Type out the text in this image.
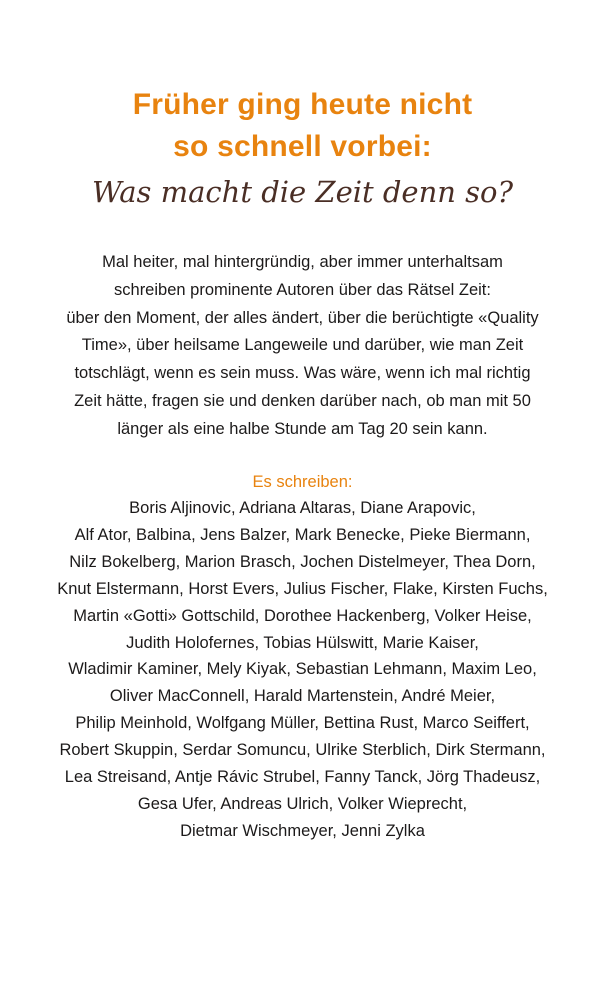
Früher ging heute nicht
so schnell vorbei:
Was macht die Zeit denn so?
Mal heiter, mal hintergründig, aber immer unterhaltsam
schreiben prominente Autoren über das Rätsel Zeit:
über den Moment, der alles ändert, über die berüchtigte «Quality
Time», über heilsame Langeweile und darüber, wie man Zeit
totschlägt, wenn es sein muss. Was wäre, wenn ich mal richtig
Zeit hätte, fragen sie und denken darüber nach, ob man mit 50
länger als eine halbe Stunde am Tag 20 sein kann.
Es schreiben:
Boris Aljinovic, Adriana Altaras, Diane Arapovic,
Alf Ator, Balbina, Jens Balzer, Mark Benecke, Pieke Biermann,
Nilz Bokelberg, Marion Brasch, Jochen Distelmeyer, Thea Dorn,
Knut Elstermann, Horst Evers, Julius Fischer, Flake, Kirsten Fuchs,
Martin «Gotti» Gottschild, Dorothee Hackenberg, Volker Heise,
Judith Holofernes, Tobias Hülswitt, Marie Kaiser,
Wladimir Kaminer, Mely Kiyak, Sebastian Lehmann, Maxim Leo,
Oliver MacConnell, Harald Martenstein, André Meier,
Philip Meinhold, Wolfgang Müller, Bettina Rust, Marco Seiffert,
Robert Skuppin, Serdar Somuncu, Ulrike Sterblich, Dirk Stermann,
Lea Streisand, Antje Rávic Strubel, Fanny Tanck, Jörg Thadeusz,
Gesa Ufer, Andreas Ulrich, Volker Wieprecht,
Dietmar Wischmeyer, Jenni Zylka
